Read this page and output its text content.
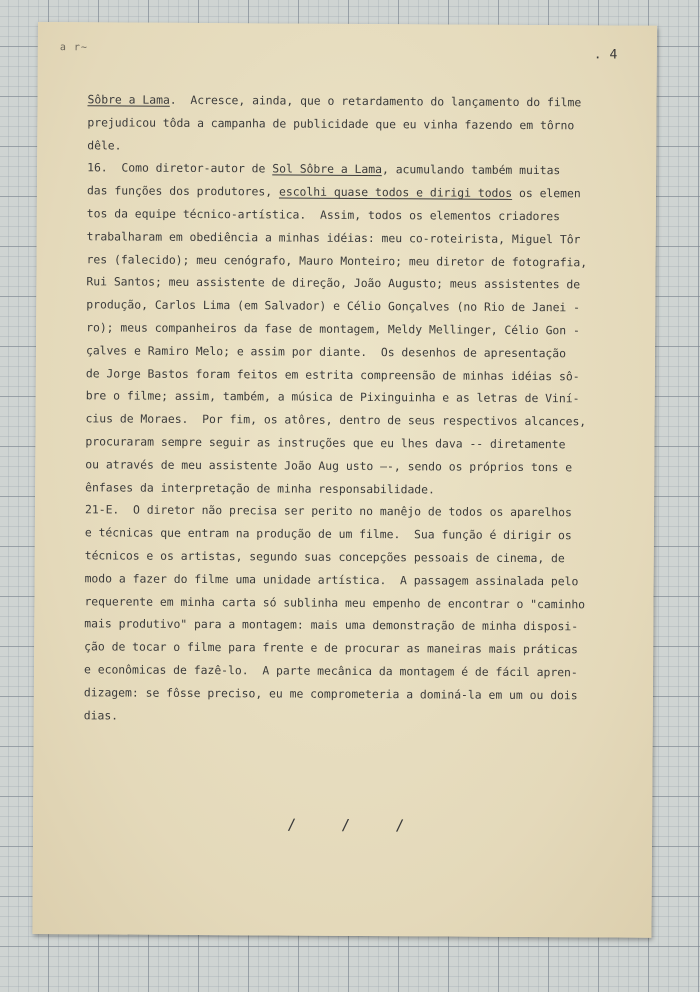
a r~	. 4
Sôbre a Lama.  Acresce, ainda, que o retardamento do lançamento do filme
prejudicou tôda a campanha de publicidade que eu vinha fazendo em tôrno
dêle.
16.  Como diretor-autor de Sol Sôbre a Lama, acumulando também muitas
das funções dos produtores, escolhi quase todos e dirigi todos os elemen
tos da equipe técnico-artística.  Assim, todos os elementos criadores
trabalharam em obediência a minhas idéias: meu co-roteirista, Miguel Tôr
res (falecido); meu cenógrafo, Mauro Monteiro; meu diretor de fotografia,
Rui Santos; meu assistente de direção, João Augusto; meus assistentes de
produção, Carlos Lima (em Salvador) e Célio Gonçalves (no Rio de Janei -
ro); meus companheiros da fase de montagem, Meldy Mellinger, Célio Gon -
çalves e Ramiro Melo; e assim por diante.  Os desenhos de apresentação
de Jorge Bastos foram feitos em estrita compreensão de minhas idéias sô-
bre o filme; assim, também, a música de Pixinguinha e as letras de Viní-
cius de Moraes.  Por fim, os atôres, dentro de seus respectivos alcances,
procuraram sempre seguir as instruções que eu lhes dava -- diretamente
ou através de meu assistente João Aug usto —-, sendo os próprios tons e
ênfases da interpretação de minha responsabilidade.
21-E.  O diretor não precisa ser perito no manêjo de todos os aparelhos
e técnicas que entram na produção de um filme.  Sua função é dirigir os
técnicos e os artistas, segundo suas concepções pessoais de cinema, de
modo a fazer do filme uma unidade artística.  A passagem assinalada pelo
requerente em minha carta só sublinha meu empenho de encontrar o "caminho
mais produtivo" para a montagem: mais uma demonstração de minha disposi-
ção de tocar o filme para frente e de procurar as maneiras mais práticas
e econômicas de fazê-lo.  A parte mecânica da montagem é de fácil apren-
dizagem: se fôsse preciso, eu me comprometeria a dominá-la em um ou dois
dias.
/ / /
